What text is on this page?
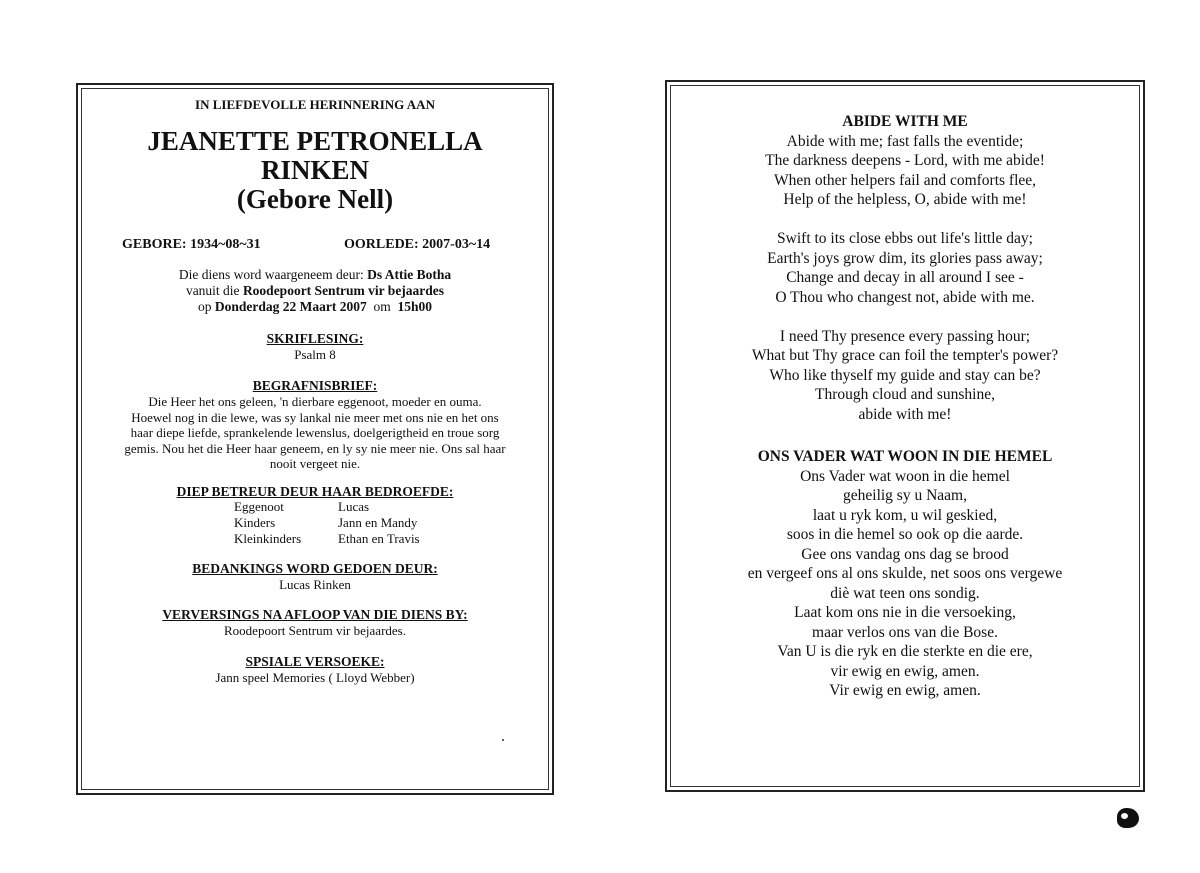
IN LIEFDEVOLLE HERINNERING AAN
JEANETTE PETRONELLA
RINKEN
(Gebore Nell)
GEBORE: 1934~08~31	OORLEDE: 2007-03~14
Die diens word waargeneem deur: Ds Attie Botha
vanuit die Roodepoort Sentrum vir bejaardes
op Donderdag 22 Maart 2007  om  15h00
SKRIFLESING:
Psalm 8
BEGRAFNISBRIEF:
Die Heer het ons geleen, 'n dierbare eggenoot, moeder en ouma.
Hoewel nog in die lewe, was sy lankal nie meer met ons nie en het ons
haar diepe liefde, sprankelende lewenslus, doelgerigtheid en troue sorg
gemis. Nou het die Heer haar geneem, en ly sy nie meer nie. Ons sal haar
nooit vergeet nie.
DIEP BETREUR DEUR HAAR BEDROEFDE:
Eggenoot	Lucas
Kinders	Jann en Mandy
Kleinkinders	Ethan en Travis
BEDANKINGS WORD GEDOEN DEUR:
Lucas Rinken
VERVERSINGS NA AFLOOP VAN DIE DIENS BY:
Roodepoort Sentrum vir bejaardes.
SPSIALE VERSOEKE:
Jann speel Memories ( Lloyd Webber)
ABIDE WITH ME
Abide with me; fast falls the eventide;
The darkness deepens - Lord, with me abide!
When other helpers fail and comforts flee,
Help of the helpless, O, abide with me!
Swift to its close ebbs out life's little day;
Earth's joys grow dim, its glories pass away;
Change and decay in all around I see -
O Thou who changest not, abide with me.
I need Thy presence every passing hour;
What but Thy grace can foil the tempter's power?
Who like thyself my guide and stay can be?
Through cloud and sunshine,
abide with me!
ONS VADER WAT WOON IN DIE HEMEL
Ons Vader wat woon in die hemel
geheilig sy u Naam,
laat u ryk kom, u wil geskied,
soos in die hemel so ook op die aarde.
Gee ons vandag ons dag se brood
en vergeef ons al ons skulde, net soos ons vergewe
diè wat teen ons sondig.
Laat kom ons nie in die versoeking,
maar verlos ons van die Bose.
Van U is die ryk en die sterkte en die ere,
vir ewig en ewig, amen.
Vir ewig en ewig, amen.
